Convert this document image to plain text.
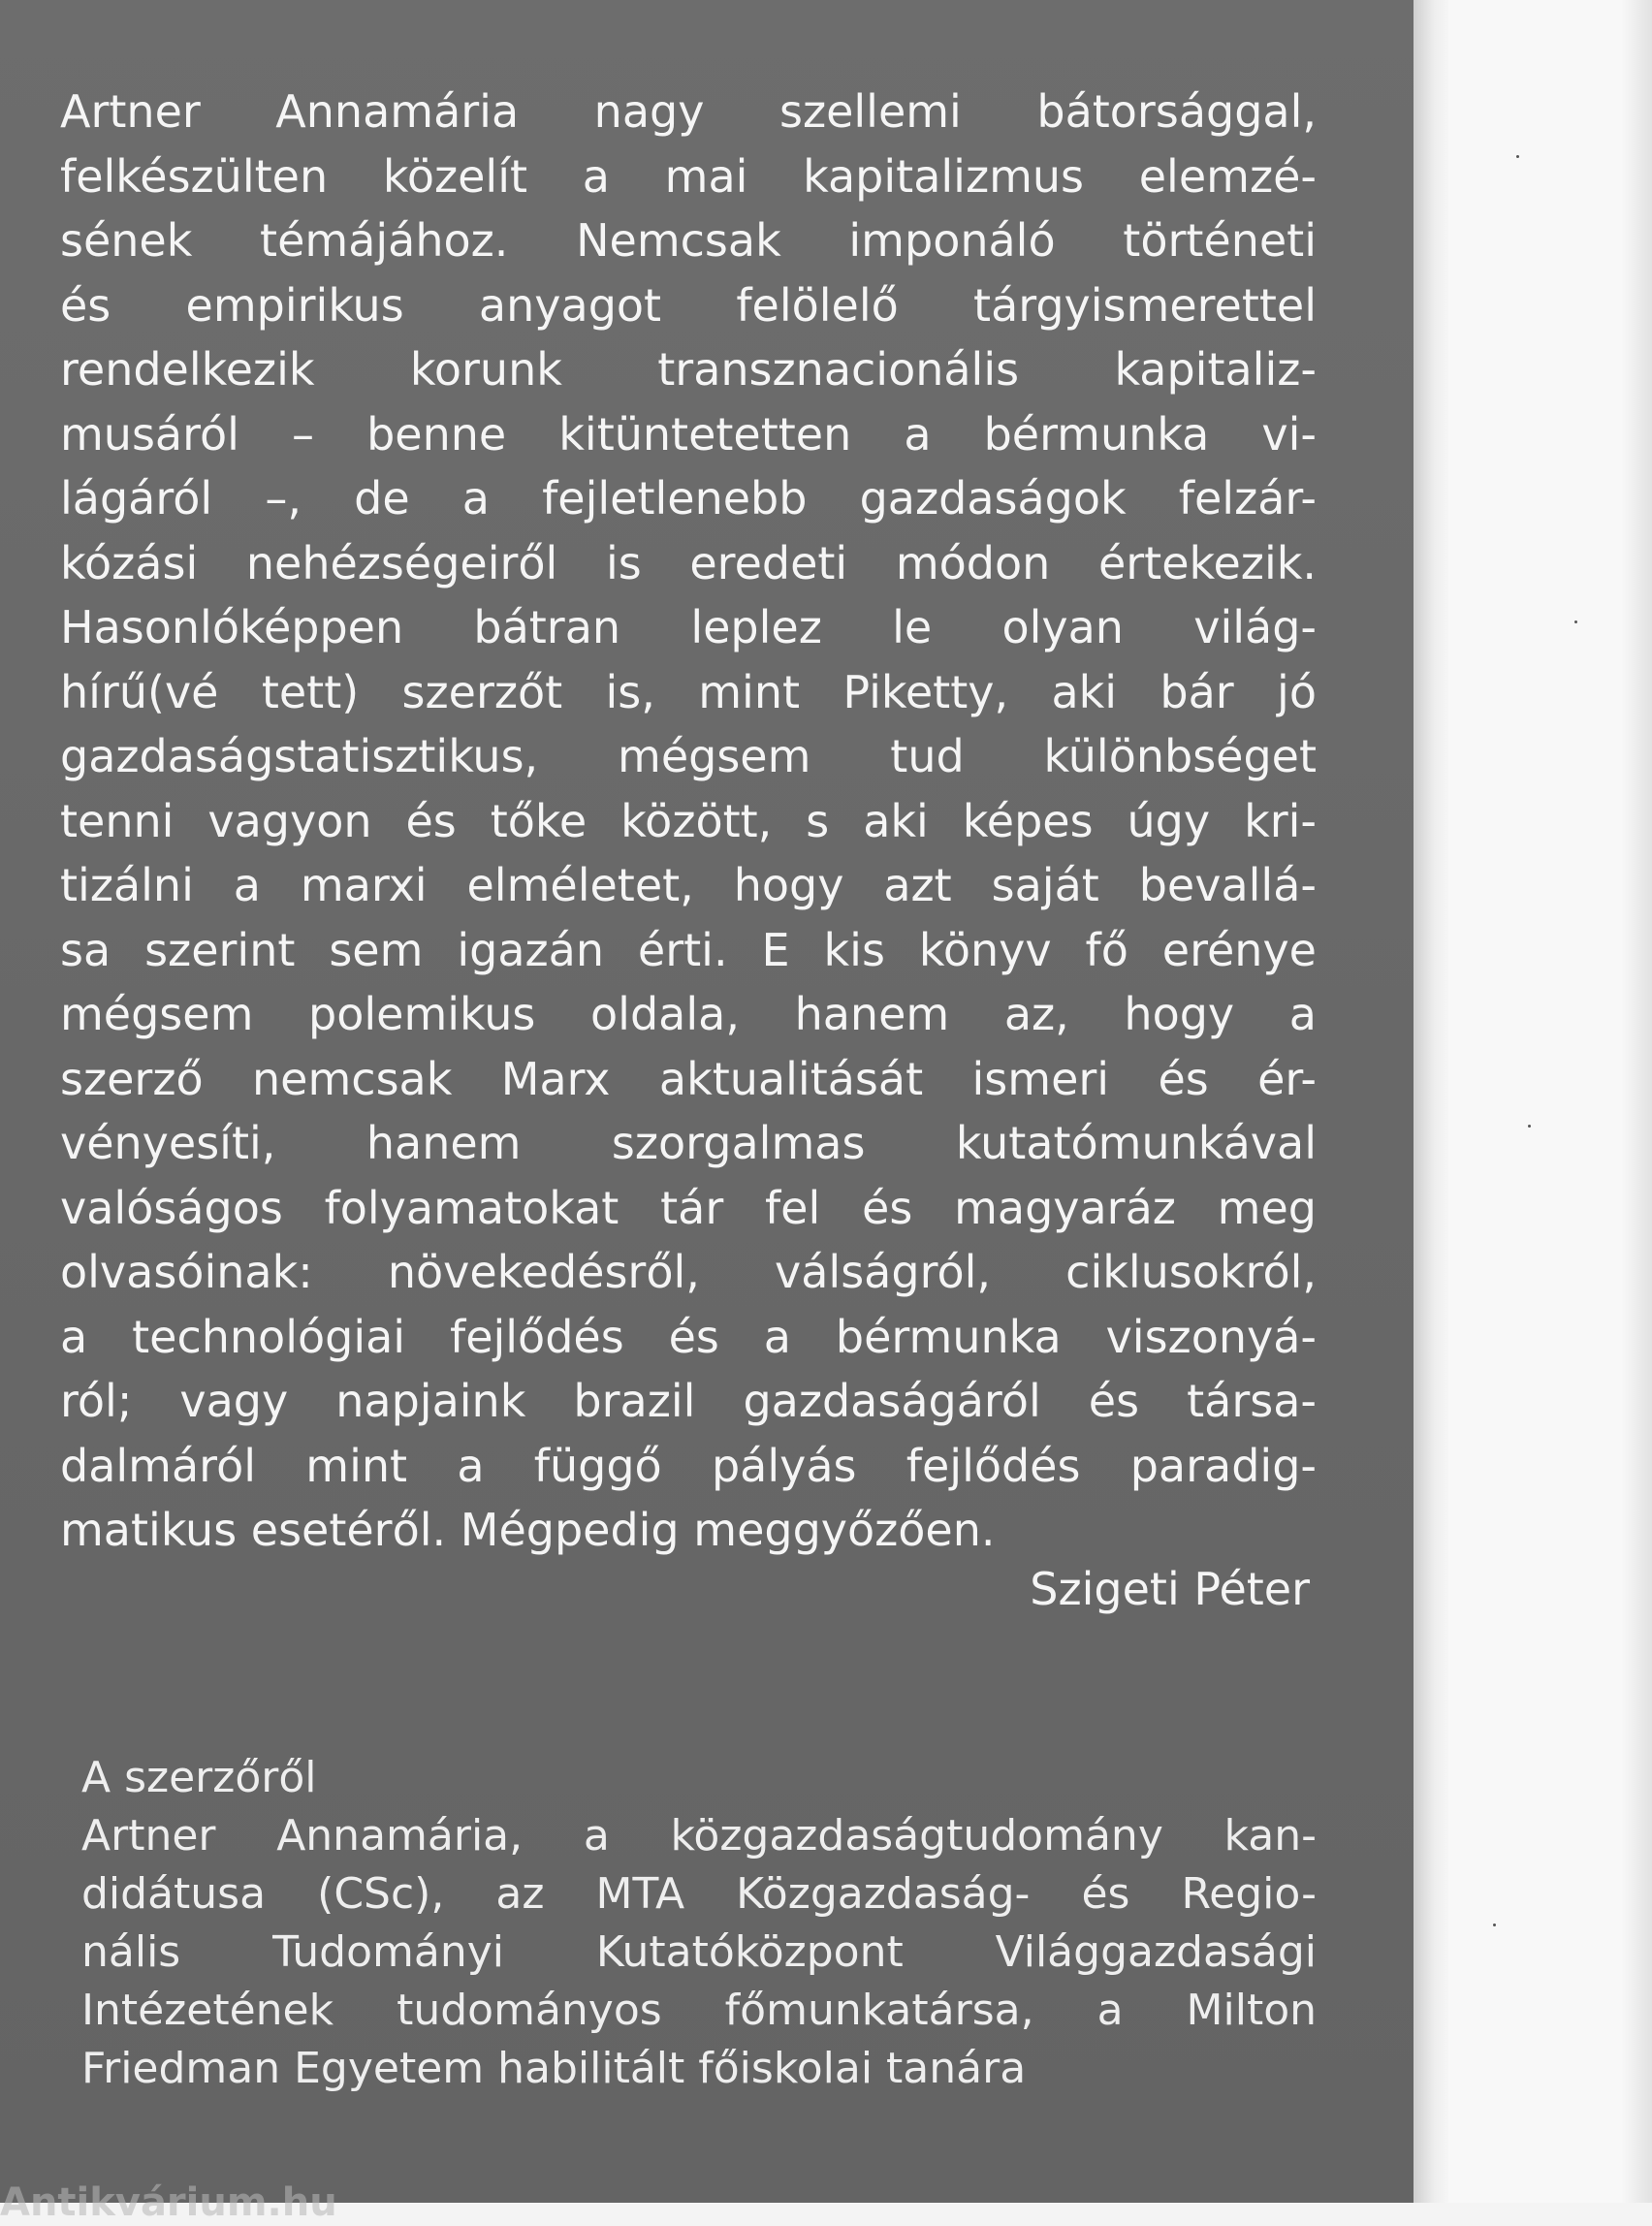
Artner Annamária nagy szellemi bátorsággal,
felkészülten közelít a mai kapitalizmus elemzé-
sének témájához. Nemcsak imponáló történeti
és empirikus anyagot felölelő tárgyismerettel
rendelkezik korunk transznacionális kapitaliz-
musáról – benne kitüntetetten a bérmunka vi-
lágáról –, de a fejletlenebb gazdaságok felzár-
kózási nehézségeiről is eredeti módon értekezik.
Hasonlóképpen bátran leplez le olyan világ-
hírű(vé tett) szerzőt is, mint Piketty, aki bár jó
gazdaságstatisztikus, mégsem tud különbséget
tenni vagyon és tőke között, s aki képes úgy kri-
tizálni a marxi elméletet, hogy azt saját bevallá-
sa szerint sem igazán érti. E kis könyv fő erénye
mégsem polemikus oldala, hanem az, hogy a
szerző nemcsak Marx aktualitását ismeri és ér-
vényesíti, hanem szorgalmas kutatómunkával
valóságos folyamatokat tár fel és magyaráz meg
olvasóinak: növekedésről, válságról, ciklusokról,
a technológiai fejlődés és a bérmunka viszonyá-
ról; vagy napjaink brazil gazdaságáról és társa-
dalmáról mint a függő pályás fejlődés paradig-
matikus esetéről. Mégpedig meggyőzően.

Szigeti Péter

A szerzőről
Artner Annamária, a közgazdaságtudomány kan-
didátusa (CSc), az MTA Közgazdaság- és Regio-
nális Tudományi Kutatóközpont Világgazdasági
Intézetének tudományos főmunkatársa, a Milton
Friedman Egyetem habilitált főiskolai tanára
Antikvárium.hu
